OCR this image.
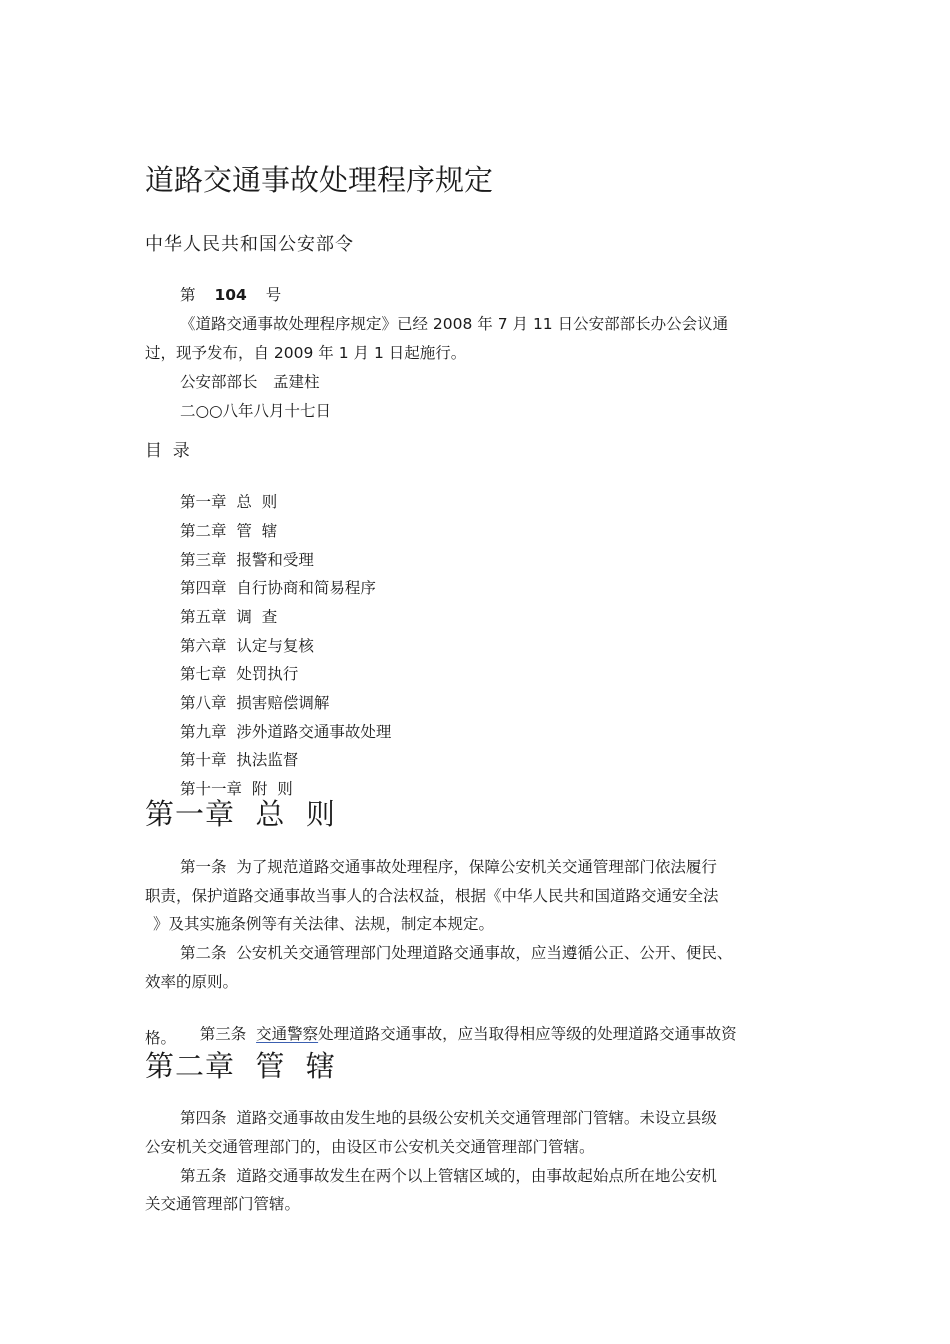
道路交通事故处理程序规定
中华人民共和国公安部令
第 104 号
《道路交通事故处理程序规定》已经 2008 年 7 月 11 日公安部部长办公会议通
过，现予发布，自 2009 年 1 月 1 日起施行。
公安部部长　孟建柱
二○○八年八月十七日
目  录
第一章  总  则
第二章  管  辖
第三章  报警和受理
第四章  自行协商和简易程序
第五章  调  查
第六章  认定与复核
第七章  处罚执行
第八章  损害赔偿调解
第九章  涉外道路交通事故处理
第十章  执法监督
第十一章  附  则
第一章  总  则
第一条  为了规范道路交通事故处理程序，保障公安机关交通管理部门依法履行
职责，保护道路交通事故当事人的合法权益，根据《中华人民共和国道路交通安全法
》及其实施条例等有关法律、法规，制定本规定。
第二条  公安机关交通管理部门处理道路交通事故，应当遵循公正、公开、便民、
效率的原则。

第三条  交通警察处理道路交通事故，应当取得相应等级的处理道路交通事故资

格。
第二章  管  辖
第四条  道路交通事故由发生地的县级公安机关交通管理部门管辖。未设立县级
公安机关交通管理部门的，由设区市公安机关交通管理部门管辖。
第五条  道路交通事故发生在两个以上管辖区域的，由事故起始点所在地公安机
关交通管理部门管辖。
